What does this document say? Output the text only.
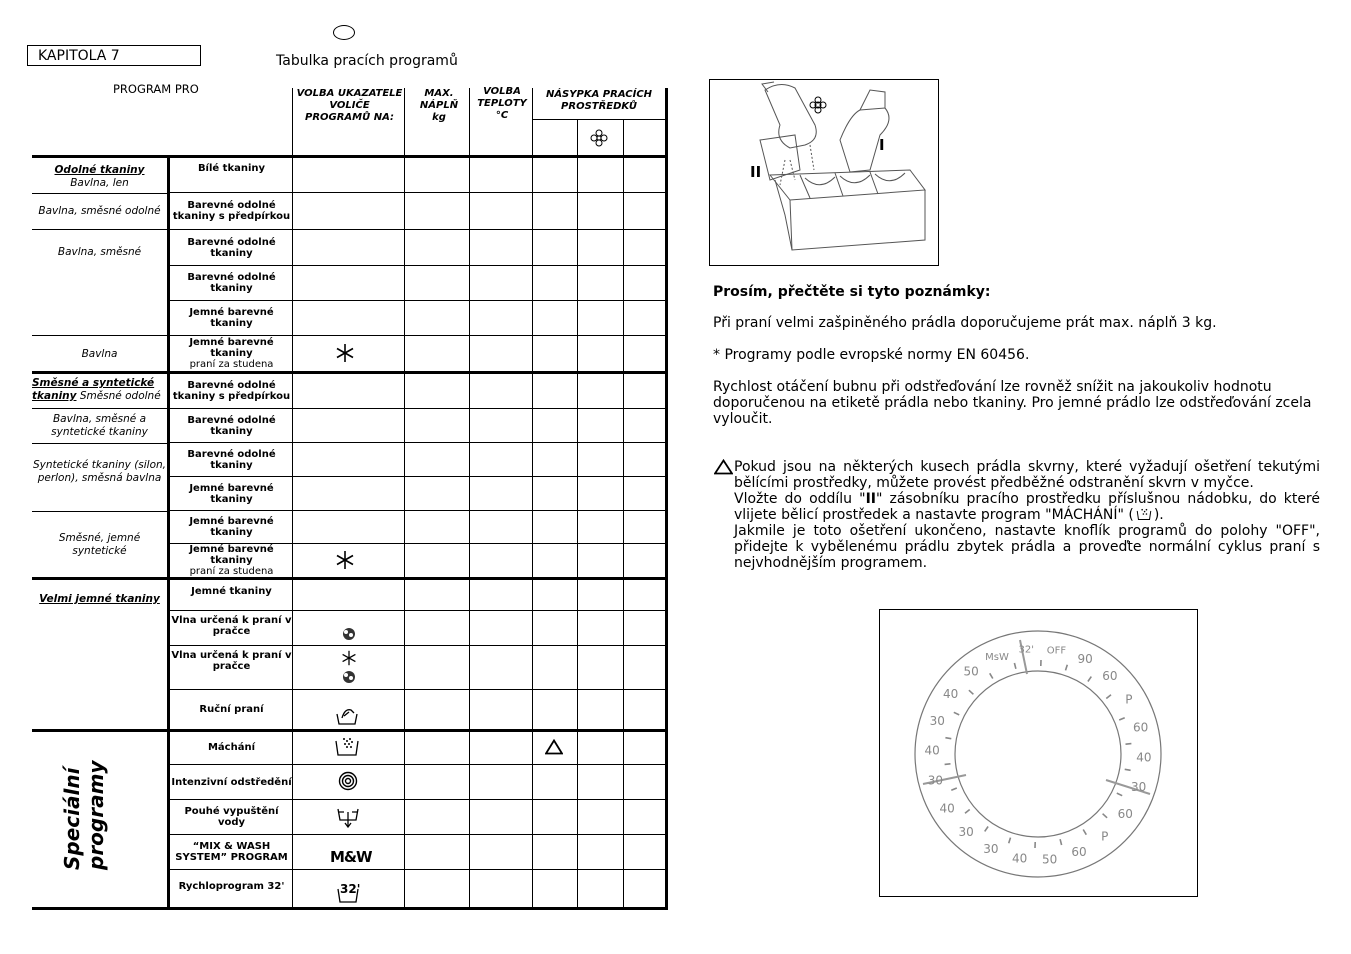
KAPITOLA 7	Tabulka pracích programů
PROGRAM PRO	VOLBA UKAZATELE VOLIČE PROGRAMŮ NA:
MAX. NÁPLŇ kg
VOLBA TEPLOTY °C
NÁSYPKA PRACÍCH PROSTŘEDKŮ
Odolné tkaniny
Bavlna, len
Bavlna, směsné odolné
Bavlna, směsné
Bavlna
Směsné a syntetické tkaniny Směsné odolné
Bavlna, směsné a syntetické tkaniny
Syntetické tkaniny (silon, perlon), směsná bavlna
Směsné, jemné syntetické
Velmi jemné tkaniny
Speciální programy
Bílé tkaniny
Barevné odolné tkaniny s předpírkou
Barevné odolné tkaniny
Barevné odolné tkaniny
Jemné barevné tkaniny
Jemné barevné tkaniny
praní za studena
Barevné odolné tkaniny s předpírkou
Barevné odolné tkaniny
Barevné odolné tkaniny
Jemné barevné tkaniny
Jemné barevné tkaniny
Jemné barevné tkaniny
praní za studena
Jemné tkaniny
Vlna určená k praní v pračce
Vlna určená k praní v pračce
Ruční praní
Máchání
Intenzivní odstředění
Pouhé vypuštění vody
“MIX & WASH SYSTEM” PROGRAM
Rychloprogram 32'
M&W
32'
II
I
Prosím, přečtěte si tyto poznámky:
Při praní velmi zašpiněného prádla doporučujeme prát max. náplň 3 kg.
* Programy podle evropské normy EN 60456.
Rychlost otáčení bubnu při odstřeďování lze rovněž snížit na jakoukoliv hodnotu doporučenou na etiketě prádla nebo tkaniny. Pro jemné prádlo lze odstřeďování zcela vyloučit.
Pokud jsou na některých kusech prádla skvrny, které vyžadují ošetření tekutými bělícími prostředky, můžete provést předběžné odstranění skvrn v myčce.
Vložte do oddílu "II" zásobníku pracího prostředku příslušnou nádobku, do které vlijete bělicí prostředek a nastavte program "MÁCHÁNÍ" ( ).
Jakmile je toto ošetření ukončeno, nastavte knoflík programů do polohy "OFF", přidejte k vybělenému prádlu zbytek prádla a proveďte normální cyklus praní s nejvhodnějším programem.
OFF
90
60
P
60
40
30
60
P
60
50
40
30
30
40
30
40
30
40
50
MsW
32'
